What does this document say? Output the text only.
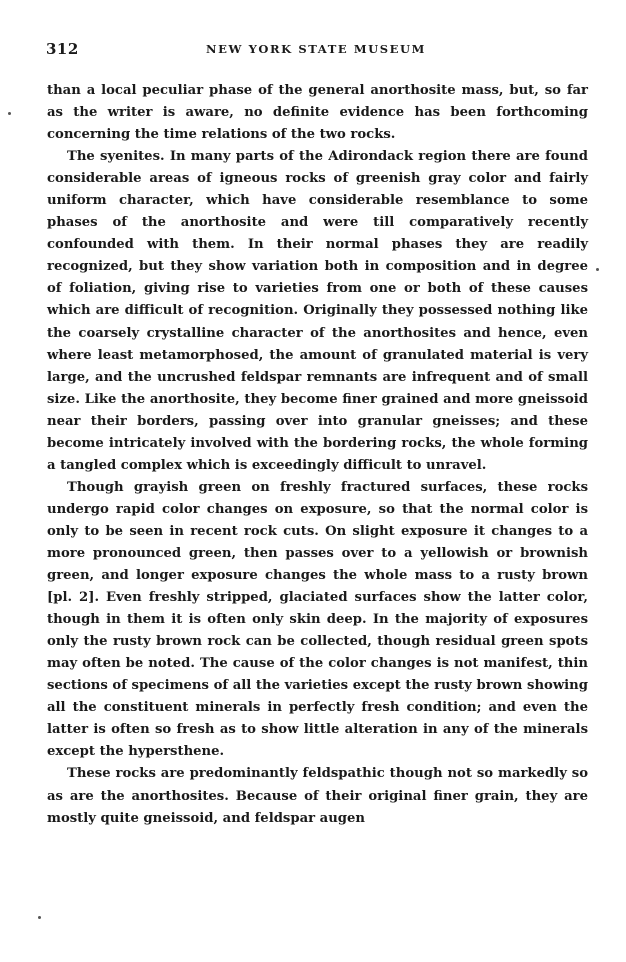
312	NEW YORK STATE MUSEUM

than a local peculiar phase of the general anorthosite mass, but, so far as the writer is aware, no definite evidence has been forthcoming concerning the time relations of the two rocks.

The syenites. In many parts of the Adirondack region there are found considerable areas of igneous rocks of greenish gray color and fairly uniform character, which have considerable resemblance to some phases of the anorthosite and were till comparatively recently confounded with them. In their normal phases they are readily recognized, but they show variation both in composition and in degree of foliation, giving rise to varieties from one or both of these causes which are difficult of recognition. Originally they possessed nothing like the coarsely crystalline character of the anorthosites and hence, even where least metamorphosed, the amount of granulated material is very large, and the uncrushed feldspar remnants are infrequent and of small size. Like the anorthosite, they become finer grained and more gneissoid near their borders, passing over into granular gneisses; and these become intricately involved with the bordering rocks, the whole forming a tangled complex which is exceedingly difficult to unravel.

Though grayish green on freshly fractured surfaces, these rocks undergo rapid color changes on exposure, so that the normal color is only to be seen in recent rock cuts. On slight exposure it changes to a more pronounced green, then passes over to a yellowish or brownish green, and longer exposure changes the whole mass to a rusty brown [pl. 2]. Even freshly stripped, glaciated surfaces show the latter color, though in them it is often only skin deep. In the majority of exposures only the rusty brown rock can be collected, though residual green spots may often be noted. The cause of the color changes is not manifest, thin sections of specimens of all the varieties except the rusty brown showing all the constituent minerals in perfectly fresh condition; and even the latter is often so fresh as to show little alteration in any of the minerals except the hypersthene.

These rocks are predominantly feldspathic though not so markedly so as are the anorthosites. Because of their original finer grain, they are mostly quite gneissoid, and feldspar augen
